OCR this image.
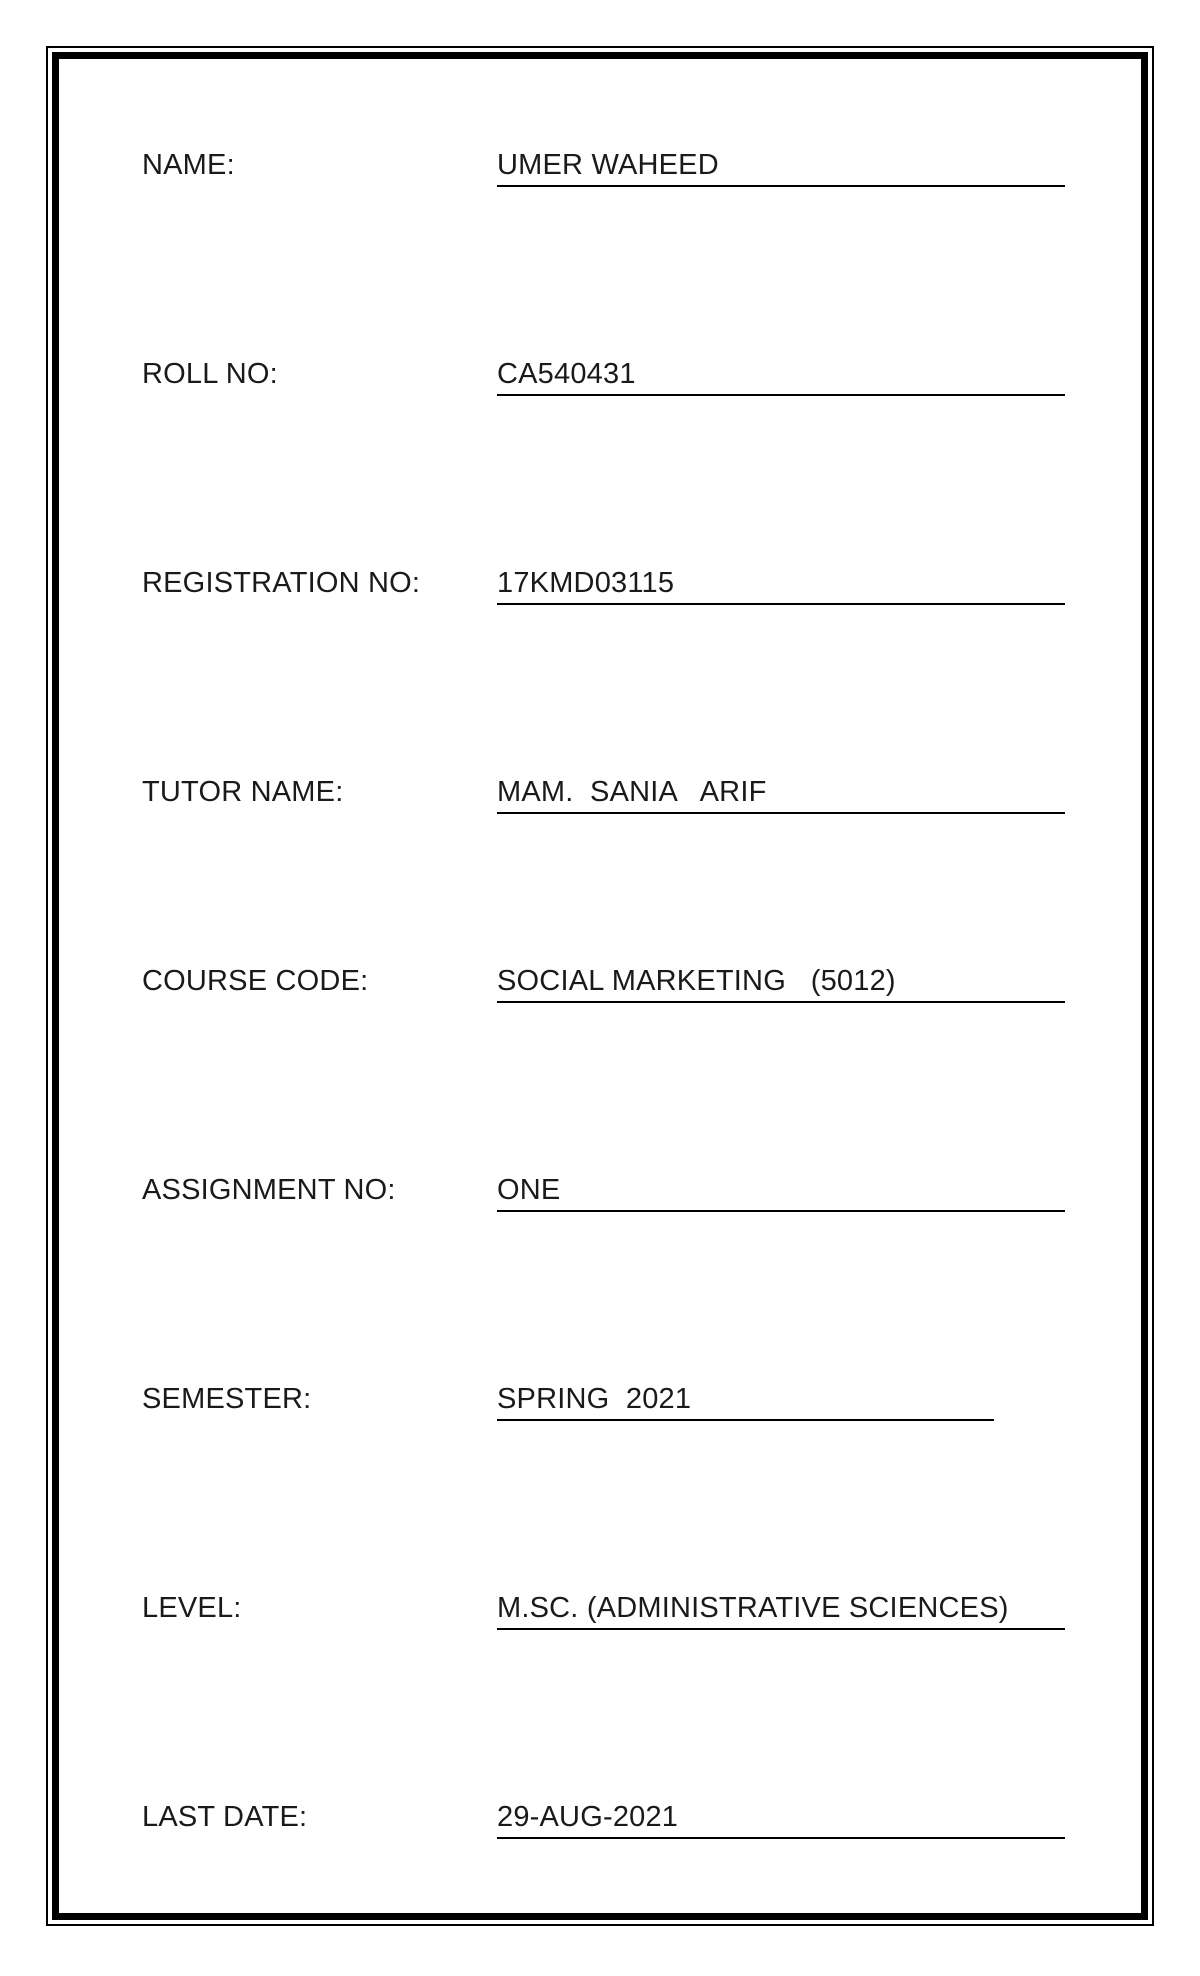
NAME:	UMER WAHEED
ROLL NO:	CA540431
REGISTRATION NO:	17KMD03115
TUTOR NAME:	MAM.  SANIA   ARIF
COURSE CODE:	SOCIAL MARKETING   (5012)
ASSIGNMENT NO:	ONE
SEMESTER:	SPRING  2021
LEVEL:	M.SC. (ADMINISTRATIVE SCIENCES)
LAST DATE:	29-AUG-2021
